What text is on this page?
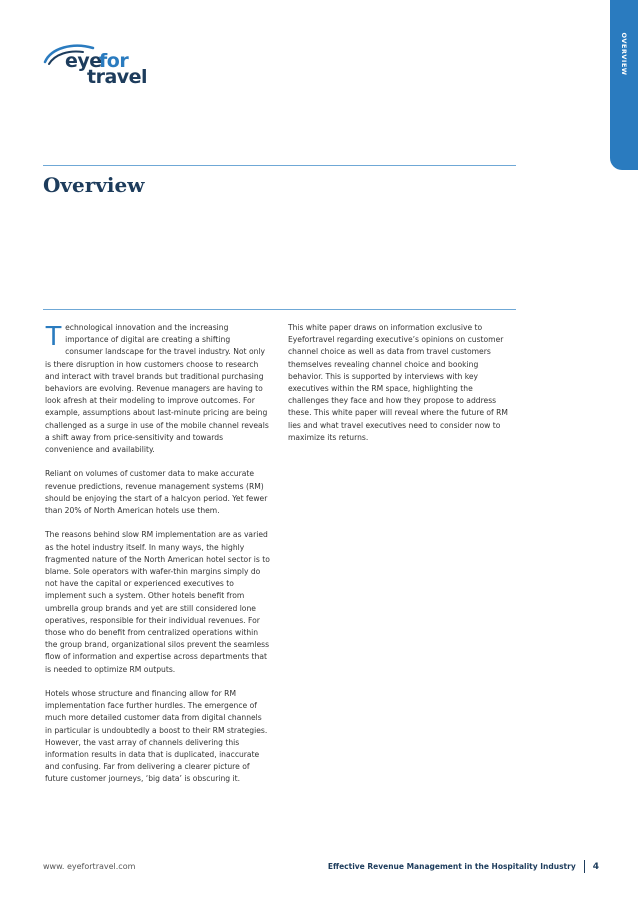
OVERVIEW
eye
for
travel
Overview

Technological innovation and the increasing importance of digital are creating a shifting consumer landscape for the travel industry. Not only is there disruption in how customers choose to research and interact with travel brands but traditional purchasing behaviors are evolving. Revenue managers are having to look afresh at their modeling to improve outcomes. For example, assumptions about last-minute pricing are being challenged as a surge in use of the mobile channel reveals a shift away from price-sensitivity and towards convenience and availability.

Reliant on volumes of customer data to make accurate revenue predictions, revenue management systems (RM) should be enjoying the start of a halcyon period. Yet fewer than 20% of North American hotels use them.

The reasons behind slow RM implementation are as varied as the hotel industry itself. In many ways, the highly fragmented nature of the North American hotel sector is to blame. Sole operators with wafer-thin margins simply do not have the capital or experienced executives to implement such a system. Other hotels benefit from umbrella group brands and yet are still considered lone operatives, responsible for their individual revenues. For those who do benefit from centralized operations within the group brand, organizational silos prevent the seamless flow of information and expertise across departments that is needed to optimize RM outputs.

Hotels whose structure and financing allow for RM implementation face further hurdles. The emergence of much more detailed customer data from digital channels in particular is undoubtedly a boost to their RM strategies. However, the vast array of channels delivering this information results in data that is duplicated, inaccurate and confusing. Far from delivering a clearer picture of future customer journeys, ‘big data’ is obscuring it.

This white paper draws on information exclusive to Eyefortravel regarding executive’s opinions on customer channel choice as well as data from travel customers themselves revealing channel choice and booking behavior. This is supported by interviews with key executives within the RM space, highlighting the challenges they face and how they propose to address these. This white paper will reveal where the future of RM lies and what travel executives need to consider now to maximize its returns.

www. eyefortravel.com	Effective Revenue Management in the Hospitality Industry 4
